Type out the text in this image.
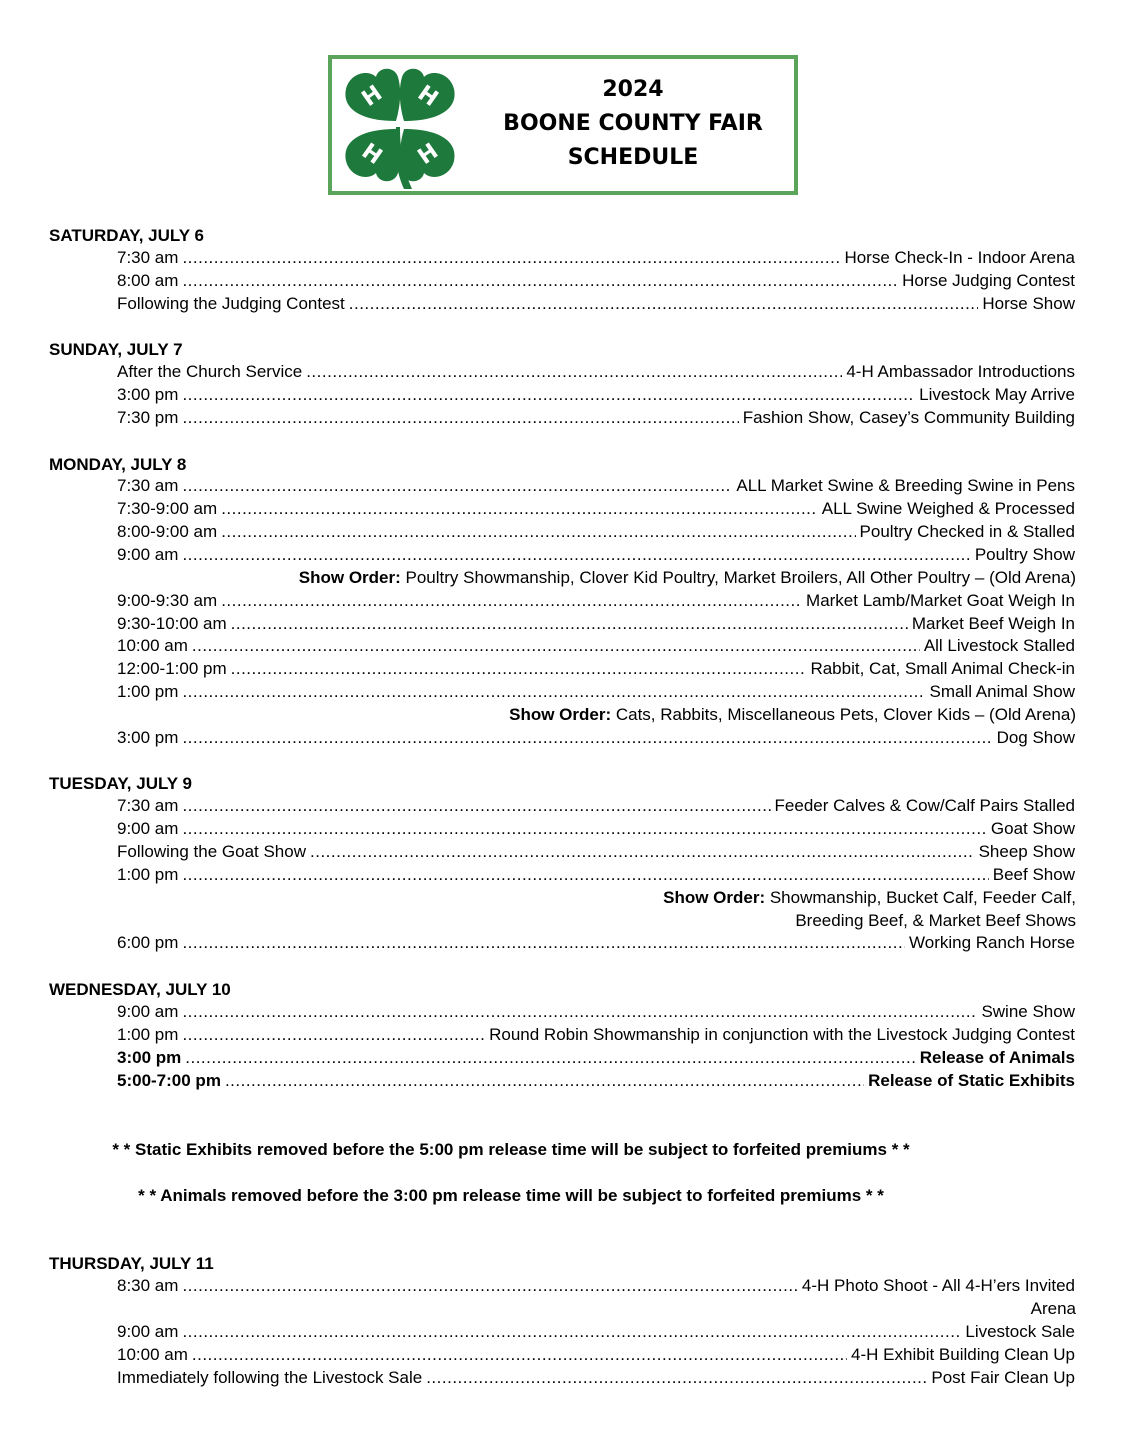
H H
H H
2024
BOONE COUNTY FAIR
SCHEDULE
SATURDAY, JULY 6
7:30 am .....	Horse Check-In - Indoor Arena
8:00 am .....	Horse Judging Contest
Following the Judging Contest .....	Horse Show
SUNDAY, JULY 7
After the Church Service .....	4-H Ambassador Introductions
3:00 pm .....	Livestock May Arrive
7:30 pm .....	Fashion Show, Casey’s Community Building
MONDAY, JULY 8
7:30 am .....	ALL Market Swine & Breeding Swine in Pens
7:30-9:00 am .....	ALL Swine Weighed & Processed
8:00-9:00 am .....	Poultry Checked in & Stalled
9:00 am .....	Poultry Show
Show Order: Poultry Showmanship, Clover Kid Poultry, Market Broilers, All Other Poultry – (Old Arena)
9:00-9:30 am .....	Market Lamb/Market Goat Weigh In
9:30-10:00 am .....	Market Beef Weigh In
10:00 am .....	All Livestock Stalled
12:00-1:00 pm .....	Rabbit, Cat, Small Animal Check-in
1:00 pm .....	Small Animal Show
Show Order: Cats, Rabbits, Miscellaneous Pets, Clover Kids – (Old Arena)
3:00 pm .....	Dog Show
TUESDAY, JULY 9
7:30 am .....	Feeder Calves & Cow/Calf Pairs Stalled
9:00 am .....	Goat Show
Following the Goat Show .....	Sheep Show
1:00 pm .....	Beef Show
Show Order: Showmanship, Bucket Calf, Feeder Calf,
Breeding Beef, & Market Beef Shows
6:00 pm .....	Working Ranch Horse
WEDNESDAY, JULY 10
9:00 am .....	Swine Show
1:00 pm .....	Round Robin Showmanship in conjunction with the Livestock Judging Contest
3:00 pm .....	Release of Animals
5:00-7:00 pm .....	Release of Static Exhibits
* * Static Exhibits removed before the 5:00 pm release time will be subject to forfeited premiums * *
* * Animals removed before the 3:00 pm release time will be subject to forfeited premiums * *
THURSDAY, JULY 11
8:30 am .....	4-H Photo Shoot - All 4-H’ers Invited
Arena
9:00 am .....	Livestock Sale
10:00 am .....	4-H Exhibit Building Clean Up
Immediately following the Livestock Sale .....	Post Fair Clean Up
